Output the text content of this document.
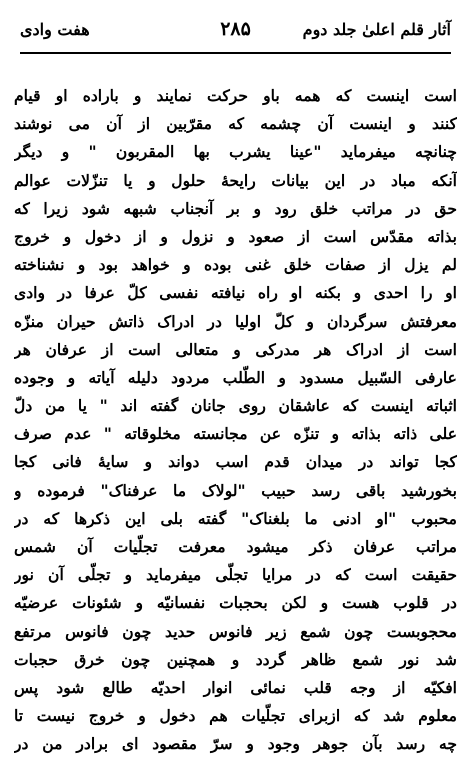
آثار قلم اعلیٰ جلد دوم
۲۸۵
هفت وادی
است اینست که همه باو حرکت نمایند و باراده او قیام
کنند و اینست آن چشمه که مقرّبین از آن می نوشند
چنانچه میفرماید "عینا یشرب بها المقربون " و دیگر
آنکه مباد در این بیانات رایحهٔ حلول و یا تنزّلات عوالم
حق در مراتب خلق رود و بر آنجناب شبهه شود زیرا که
بذاته مقدّس است از صعود و نزول و از دخول و خروج
لم یزل از صفات خلق غنی بوده و خواهد بود و نشناخته
او را احدی و بکنه او راه نیافته نفسی کلّ عرفا در وادی
معرفتش سرگردان و کلّ اولیا در ادراک ذاتش حیران منزّه
است از ادراک هر مدرکی و متعالی است از عرفان هر
عارفی السّبیل مسدود و الطّلب مردود دلیله آیاته و وجوده
اثباته اینست که عاشقان روی جانان گفته اند " یا من دلّ
علی ذاته بذاته و تنزّه عن مجانسته مخلوقاته " عدم صرف
کجا تواند در میدان قدم اسب دواند و سایهٔ فانی کجا
بخورشید باقی رسد حبیب "لولاک ما عرفناک" فرموده و
محبوب "او ادنی ما بلغناک" گفته بلی این ذکرها که در
مراتب عرفان ذکر میشود معرفت تجلّیات آن شمس
حقیقت است که در مرایا تجلّی میفرماید و تجلّی آن نور
در قلوب هست و لکن بحجبات نفسانیّه و شئونات عرضیّه
محجوبست چون شمع زیر فانوس حدید چون فانوس مرتفع
شد نور شمع ظاهر گردد و همچنین چون خرق حجبات
افکیّه از وجه قلب نمائی انوار احدیّه طالع شود پس
معلوم شد که ازبرای تجلّیات هم دخول و خروج نیست تا
چه رسد بآن جوهر وجود و سرّ مقصود ای برادر من در
